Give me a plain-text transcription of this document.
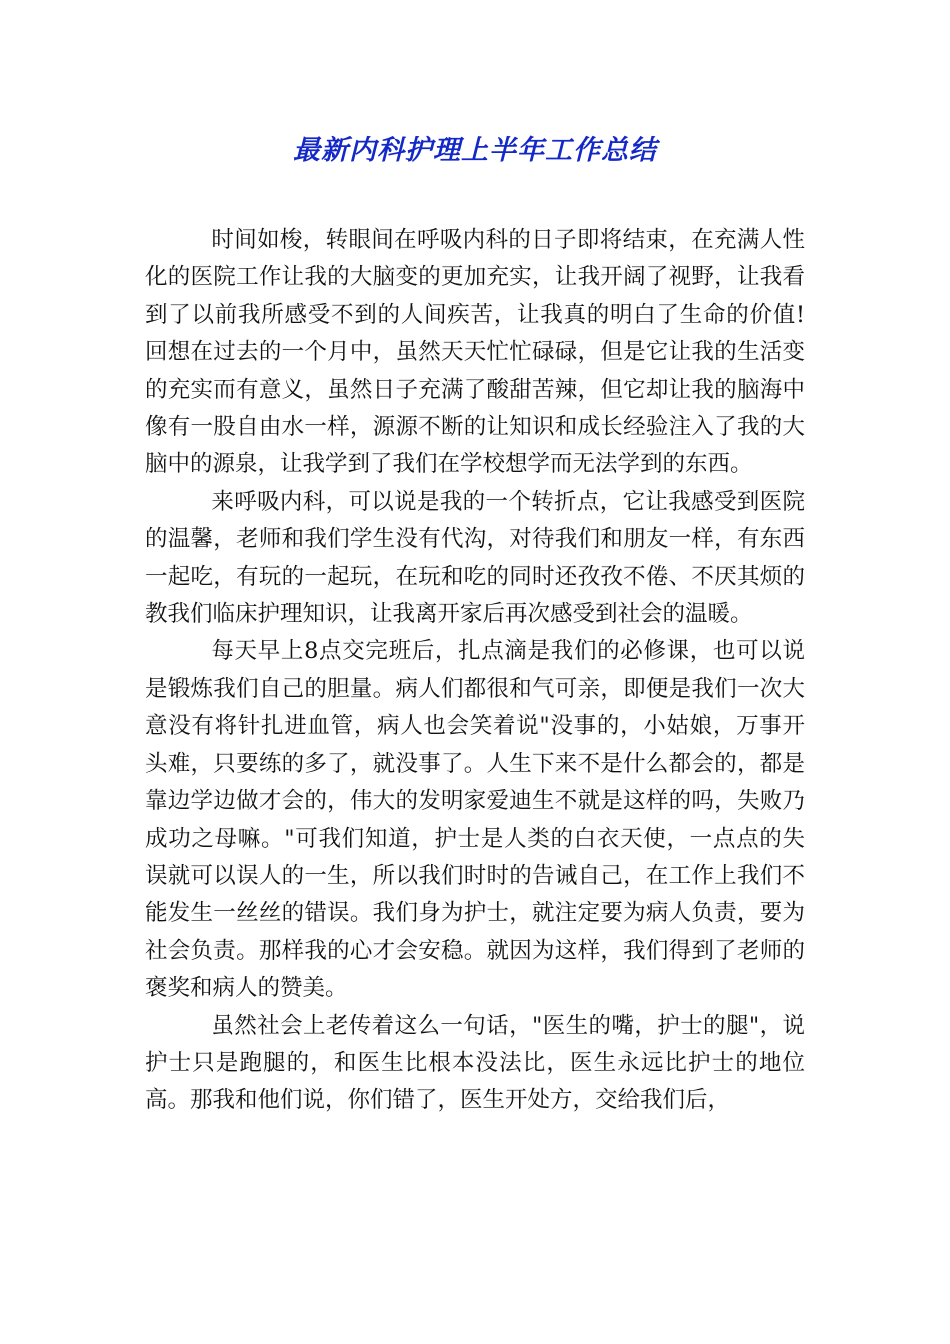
最新内科护理上半年工作总结

时间如梭，转眼间在呼吸内科的日子即将结束，在充满人性化的医院工作让我的大脑变的更加充实，让我开阔了视野，让我看到了以前我所感受不到的人间疾苦，让我真的明白了生命的价值!回想在过去的一个月中，虽然天天忙忙碌碌，但是它让我的生活变的充实而有意义，虽然日子充满了酸甜苦辣，但它却让我的脑海中像有一股自由水一样，源源不断的让知识和成长经验注入了我的大脑中的源泉，让我学到了我们在学校想学而无法学到的东西。

来呼吸内科，可以说是我的一个转折点，它让我感受到医院的温馨，老师和我们学生没有代沟，对待我们和朋友一样，有东西一起吃，有玩的一起玩，在玩和吃的同时还孜孜不倦、不厌其烦的教我们临床护理知识，让我离开家后再次感受到社会的温暖。

每天早上8点交完班后，扎点滴是我们的必修课，也可以说是锻炼我们自己的胆量。病人们都很和气可亲，即便是我们一次大意没有将针扎进血管，病人也会笑着说"没事的，小姑娘，万事开头难，只要练的多了，就没事了。人生下来不是什么都会的，都是靠边学边做才会的，伟大的发明家爱迪生不就是这样的吗，失败乃成功之母嘛。"可我们知道，护士是人类的白衣天使，一点点的失误就可以误人的一生，所以我们时时的告诫自己，在工作上我们不能发生一丝丝的错误。我们身为护士，就注定要为病人负责，要为社会负责。那样我的心才会安稳。就因为这样，我们得到了老师的褒奖和病人的赞美。

虽然社会上老传着这么一句话，"医生的嘴，护士的腿"，说护士只是跑腿的，和医生比根本没法比，医生永远比护士的地位高。那我和他们说，你们错了，医生开处方，交给我们后，
